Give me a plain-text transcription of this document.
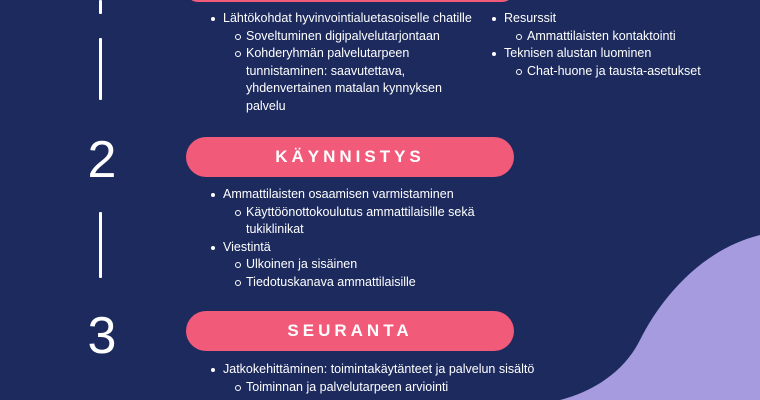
2
3
Lähtökohdat hyvinvointialuetasoiselle chatille
Soveltuminen digipalvelutarjontaan
Kohderyhmän palvelutarpeen tunnistaminen: saavutettava, yhdenvertainen matalan kynnyksen palvelu
Resurssit
Ammattilaisten kontaktointi
Teknisen alustan luominen
Chat-huone ja tausta-asetukset
KÄYNNISTYS
Ammattilaisten osaamisen varmistaminen
Käyttöönottokoulutus ammattilaisille sekä tukiklinikat
Viestintä
Ulkoinen ja sisäinen
Tiedotuskanava ammattilaisille
SEURANTA
Jatkokehittäminen: toimintakäytänteet ja palvelun sisältö
Toiminnan ja palvelutarpeen arviointi
